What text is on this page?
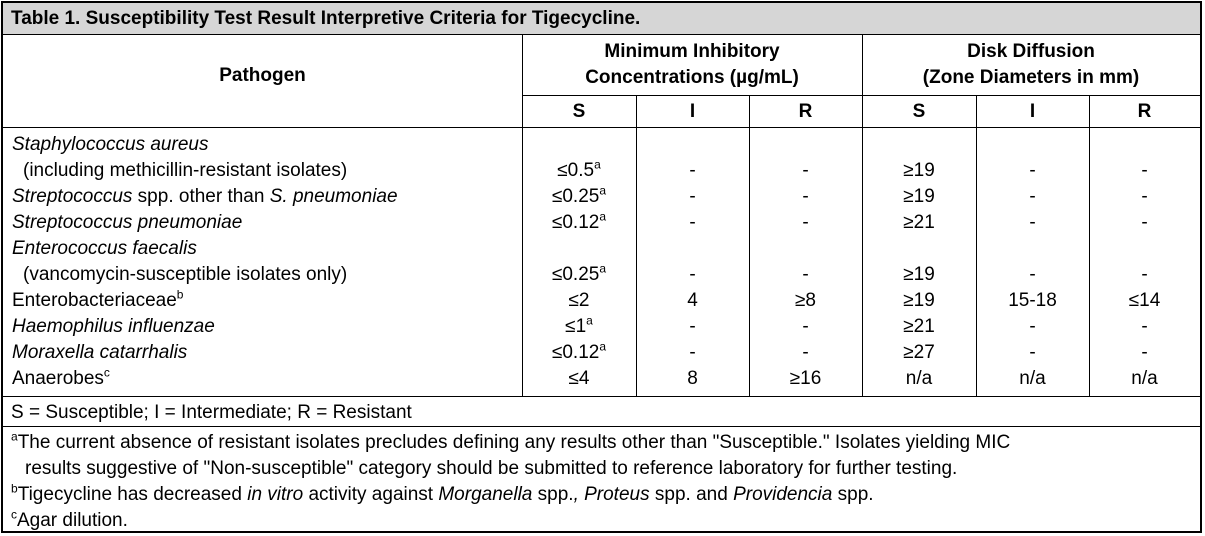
Table 1. Susceptibility Test Result Interpretive Criteria for Tigecycline.
Pathogen
Minimum Inhibitory
Concentrations (µg/mL)
Disk Diffusion
(Zone Diameters in mm)
S	I	R	S	I	R
Staphylococcus aureus
(including methicillin-resistant isolates)	≤0.5$^a$	-	-	≥19	-	-
Streptococcus spp. other than S. pneumoniae	≤0.25$^a$	-	-	≥19	-	-
Streptococcus pneumoniae	≤0.12$^a$	-	-	≥21	-	-
Enterococcus faecalis
(vancomycin-susceptible isolates only)	≤0.25$^a$	-	-	≥19	-	-
Enterobacteriaceae$^b$	≤2	4	≥8	≥19	15-18	≤14
Haemophilus influenzae	$\le 1^a$	-	-	≥21	-	-
Moraxella catarrhalis	≤0.12$^a$	-	-	≥27	-	-
Anaerobes$^c$	≤4	8	≥16	n/a	n/a	n/a
S = Susceptible; I = Intermediate; R = Resistant
$^a$The current absence of resistant isolates precludes defining any results other than "Susceptible." Isolates yielding MIC
results suggestive of "Non-susceptible" category should be submitted to reference laboratory for further testing.
$^b$Tigecycline has decreased in vitro activity against Morganella spp., Proteus spp. and Providencia spp.
$^c$Agar dilution.
